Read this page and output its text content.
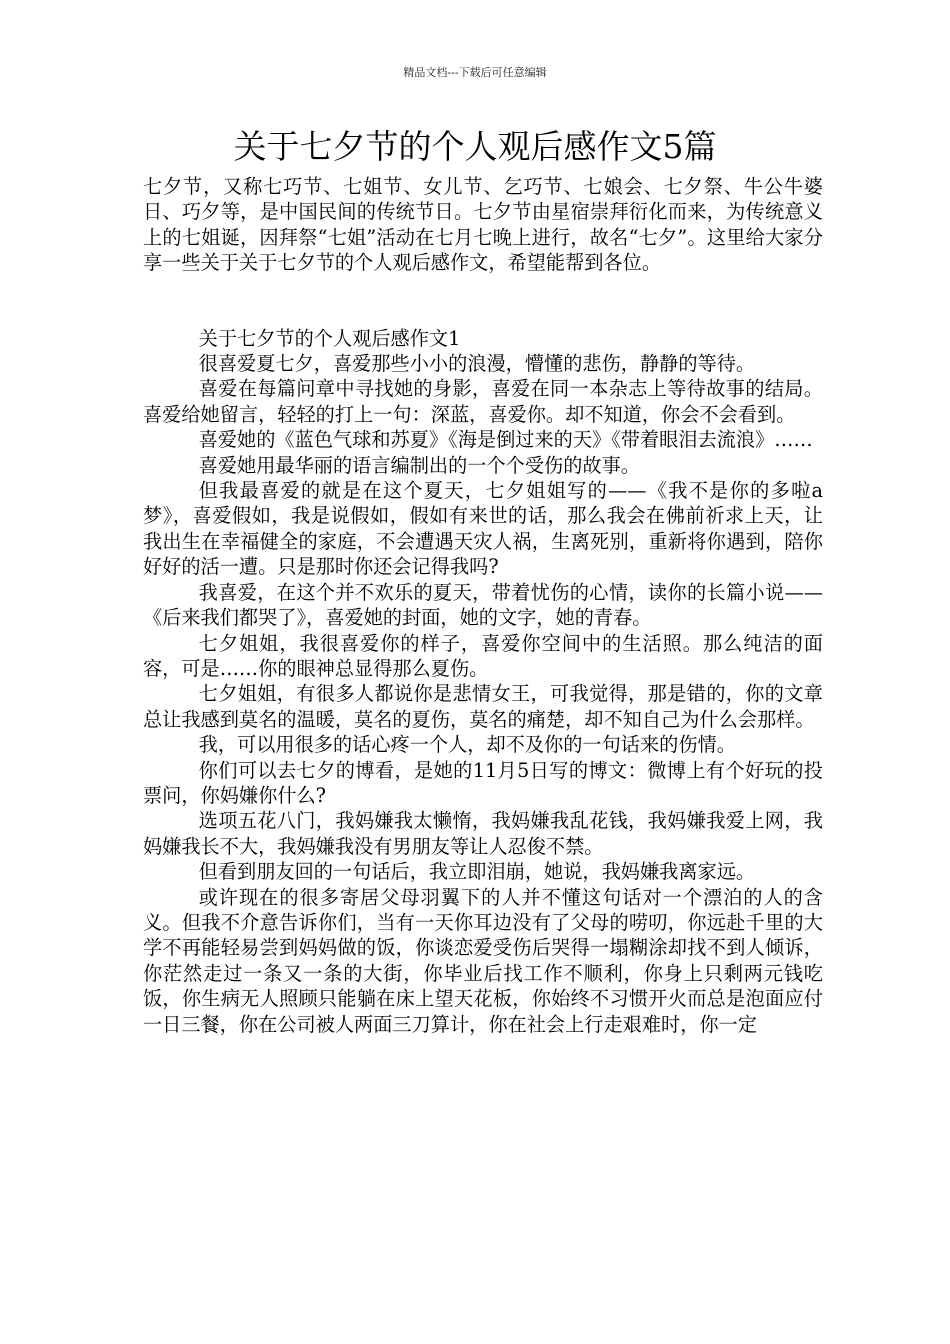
精品文档---下载后可任意编辑
关于七夕节的个人观后感作文5篇

七夕节，又称七巧节、七姐节、女儿节、乞巧节、七娘会、七夕祭、牛公牛婆日、巧夕等，是中国民间的传统节日。七夕节由星宿崇拜衍化而来，为传统意义上的七姐诞，因拜祭“七姐”活动在七月七晚上进行，故名“七夕”。这里给大家分享一些关于关于七夕节的个人观后感作文，希望能帮到各位。

关于七夕节的个人观后感作文1

很喜爱夏七夕，喜爱那些小小的浪漫，懵懂的悲伤，静静的等待。

喜爱在每篇问章中寻找她的身影，喜爱在同一本杂志上等待故事的结局。喜爱给她留言，轻轻的打上一句：深蓝，喜爱你。却不知道，你会不会看到。

喜爱她的《蓝色气球和苏夏》《海是倒过来的天》《带着眼泪去流浪》……

喜爱她用最华丽的语言编制出的一个个受伤的故事。

但我最喜爱的就是在这个夏天，七夕姐姐写的——《我不是你的多啦a梦》，喜爱假如，我是说假如，假如有来世的话，那么我会在佛前祈求上天，让我出生在幸福健全的家庭，不会遭遇天灾人祸，生离死别，重新将你遇到，陪你好好的活一遭。只是那时你还会记得我吗?

我喜爱，在这个并不欢乐的夏天，带着忧伤的心情，读你的长篇小说——《后来我们都哭了》，喜爱她的封面，她的文字，她的青春。

七夕姐姐，我很喜爱你的样子，喜爱你空间中的生活照。那么纯洁的面容，可是……你的眼神总显得那么夏伤。

七夕姐姐，有很多人都说你是悲情女王，可我觉得，那是错的，你的文章总让我感到莫名的温暖，莫名的夏伤，莫名的痛楚，却不知自己为什么会那样。

我，可以用很多的话心疼一个人，却不及你的一句话来的伤情。

你们可以去七夕的博看，是她的11月5日写的博文：微博上有个好玩的投票问，你妈嫌你什么?

选项五花八门，我妈嫌我太懒惰，我妈嫌我乱花钱，我妈嫌我爱上网，我妈嫌我长不大，我妈嫌我没有男朋友等让人忍俊不禁。

但看到朋友回的一句话后，我立即泪崩，她说，我妈嫌我离家远。

或许现在的很多寄居父母羽翼下的人并不懂这句话对一个漂泊的人的含义。但我不介意告诉你们，当有一天你耳边没有了父母的唠叨，你远赴千里的大学不再能轻易尝到妈妈做的饭，你谈恋爱受伤后哭得一塌糊涂却找不到人倾诉，你茫然走过一条又一条的大街，你毕业后找工作不顺利，你身上只剩两元钱吃饭，你生病无人照顾只能躺在床上望天花板，你始终不习惯开火而总是泡面应付一日三餐，你在公司被人两面三刀算计，你在社会上行走艰难时，你一定
